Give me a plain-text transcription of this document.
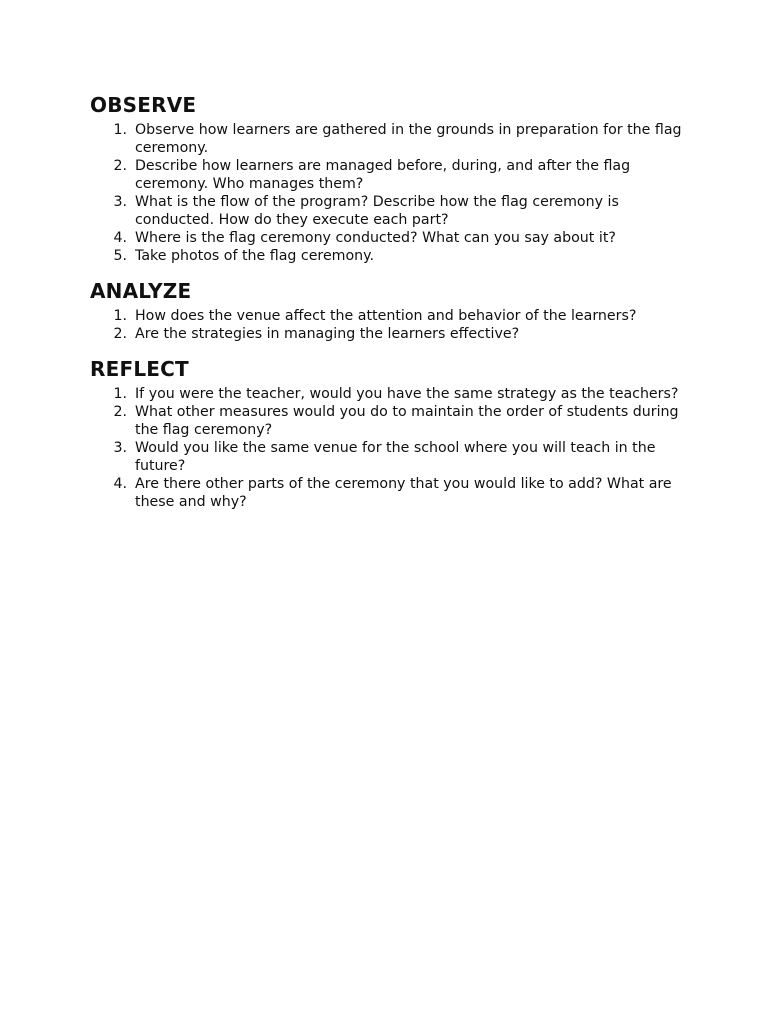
OBSERVE
1. Observe how learners are gathered in the grounds in preparation for the flag ceremony.
2. Describe how learners are managed before, during, and after the flag ceremony. Who manages them?
3. What is the flow of the program? Describe how the flag ceremony is conducted. How do they execute each part?
4. Where is the flag ceremony conducted? What can you say about it?
5. Take photos of the flag ceremony.
ANALYZE
1. How does the venue affect the attention and behavior of the learners?
2. Are the strategies in managing the learners effective?
REFLECT
1. If you were the teacher, would you have the same strategy as the teachers?
2. What other measures would you do to maintain the order of students during the flag ceremony?
3. Would you like the same venue for the school where you will teach in the future?
4. Are there other parts of the ceremony that you would like to add? What are these and why?
